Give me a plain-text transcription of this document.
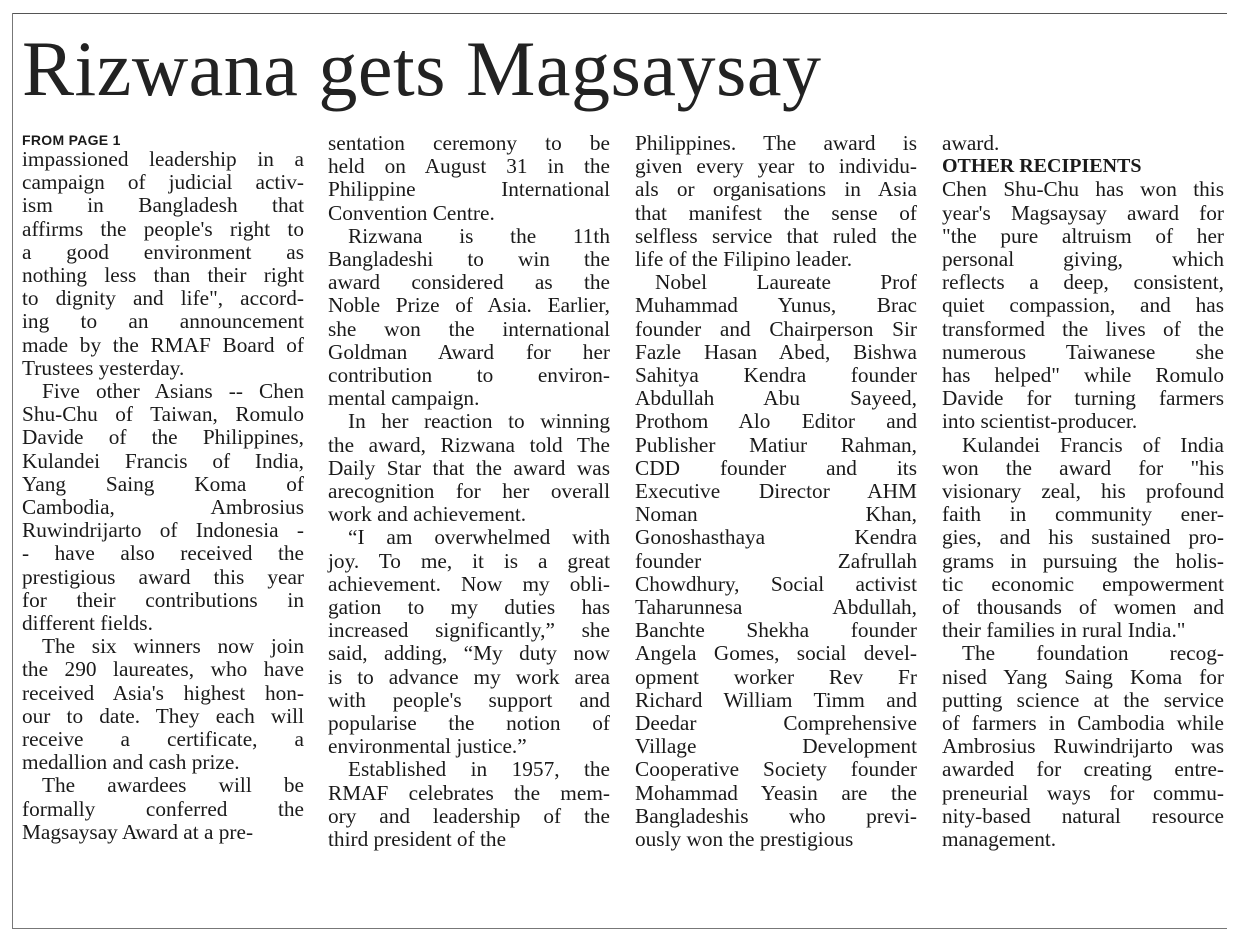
Rizwana gets Magsaysay
FROM PAGE 1
impassioned leadership in a
campaign of judicial activ-
ism in Bangladesh that
affirms the people's right to
a good environment as
nothing less than their right
to dignity and life", accord-
ing to an announcement
made by the RMAF Board of
Trustees yesterday.
Five other Asians -- Chen
Shu-Chu of Taiwan, Romulo
Davide of the Philippines,
Kulandei Francis of India,
Yang Saing Koma of
Cambodia, Ambrosius
Ruwindrijarto of Indonesia -
- have also received the
prestigious award this year
for their contributions in
different fields.
The six winners now join
the 290 laureates, who have
received Asia's highest hon-
our to date. They each will
receive a certificate, a
medallion and cash prize.
The awardees will be
formally conferred the
Magsaysay Award at a pre-
sentation ceremony to be
held on August 31 in the
Philippine International
Convention Centre.
Rizwana is the 11th
Bangladeshi to win the
award considered as the
Noble Prize of Asia. Earlier,
she won the international
Goldman Award for her
contribution to environ-
mental campaign.
In her reaction to winning
the award, Rizwana told The
Daily Star that the award was
arecognition for her overall
work and achievement.
“I am overwhelmed with
joy. To me, it is a great
achievement. Now my obli-
gation to my duties has
increased significantly,” she
said, adding, “My duty now
is to advance my work area
with people's support and
popularise the notion of
environmental justice.”
Established in 1957, the
RMAF celebrates the mem-
ory and leadership of the
third president of the
Philippines. The award is
given every year to individu-
als or organisations in Asia
that manifest the sense of
selfless service that ruled the
life of the Filipino leader.
Nobel Laureate Prof
Muhammad Yunus, Brac
founder and Chairperson Sir
Fazle Hasan Abed, Bishwa
Sahitya Kendra founder
Abdullah Abu Sayeed,
Prothom Alo Editor and
Publisher Matiur Rahman,
CDD founder and its
Executive Director AHM
Noman Khan,
Gonoshasthaya Kendra
founder Zafrullah
Chowdhury, Social activist
Taharunnesa Abdullah,
Banchte Shekha founder
Angela Gomes, social devel-
opment worker Rev Fr
Richard William Timm and
Deedar Comprehensive
Village Development
Cooperative Society founder
Mohammad Yeasin are the
Bangladeshis who previ-
ously won the prestigious
award.
OTHER RECIPIENTS
Chen Shu-Chu has won this
year's Magsaysay award for
"the pure altruism of her
personal giving, which
reflects a deep, consistent,
quiet compassion, and has
transformed the lives of the
numerous Taiwanese she
has helped" while Romulo
Davide for turning farmers
into scientist-producer.
Kulandei Francis of India
won the award for "his
visionary zeal, his profound
faith in community ener-
gies, and his sustained pro-
grams in pursuing the holis-
tic economic empowerment
of thousands of women and
their families in rural India."
The foundation recog-
nised Yang Saing Koma for
putting science at the service
of farmers in Cambodia while
Ambrosius Ruwindrijarto was
awarded for creating entre-
preneurial ways for commu-
nity-based natural resource
management.
